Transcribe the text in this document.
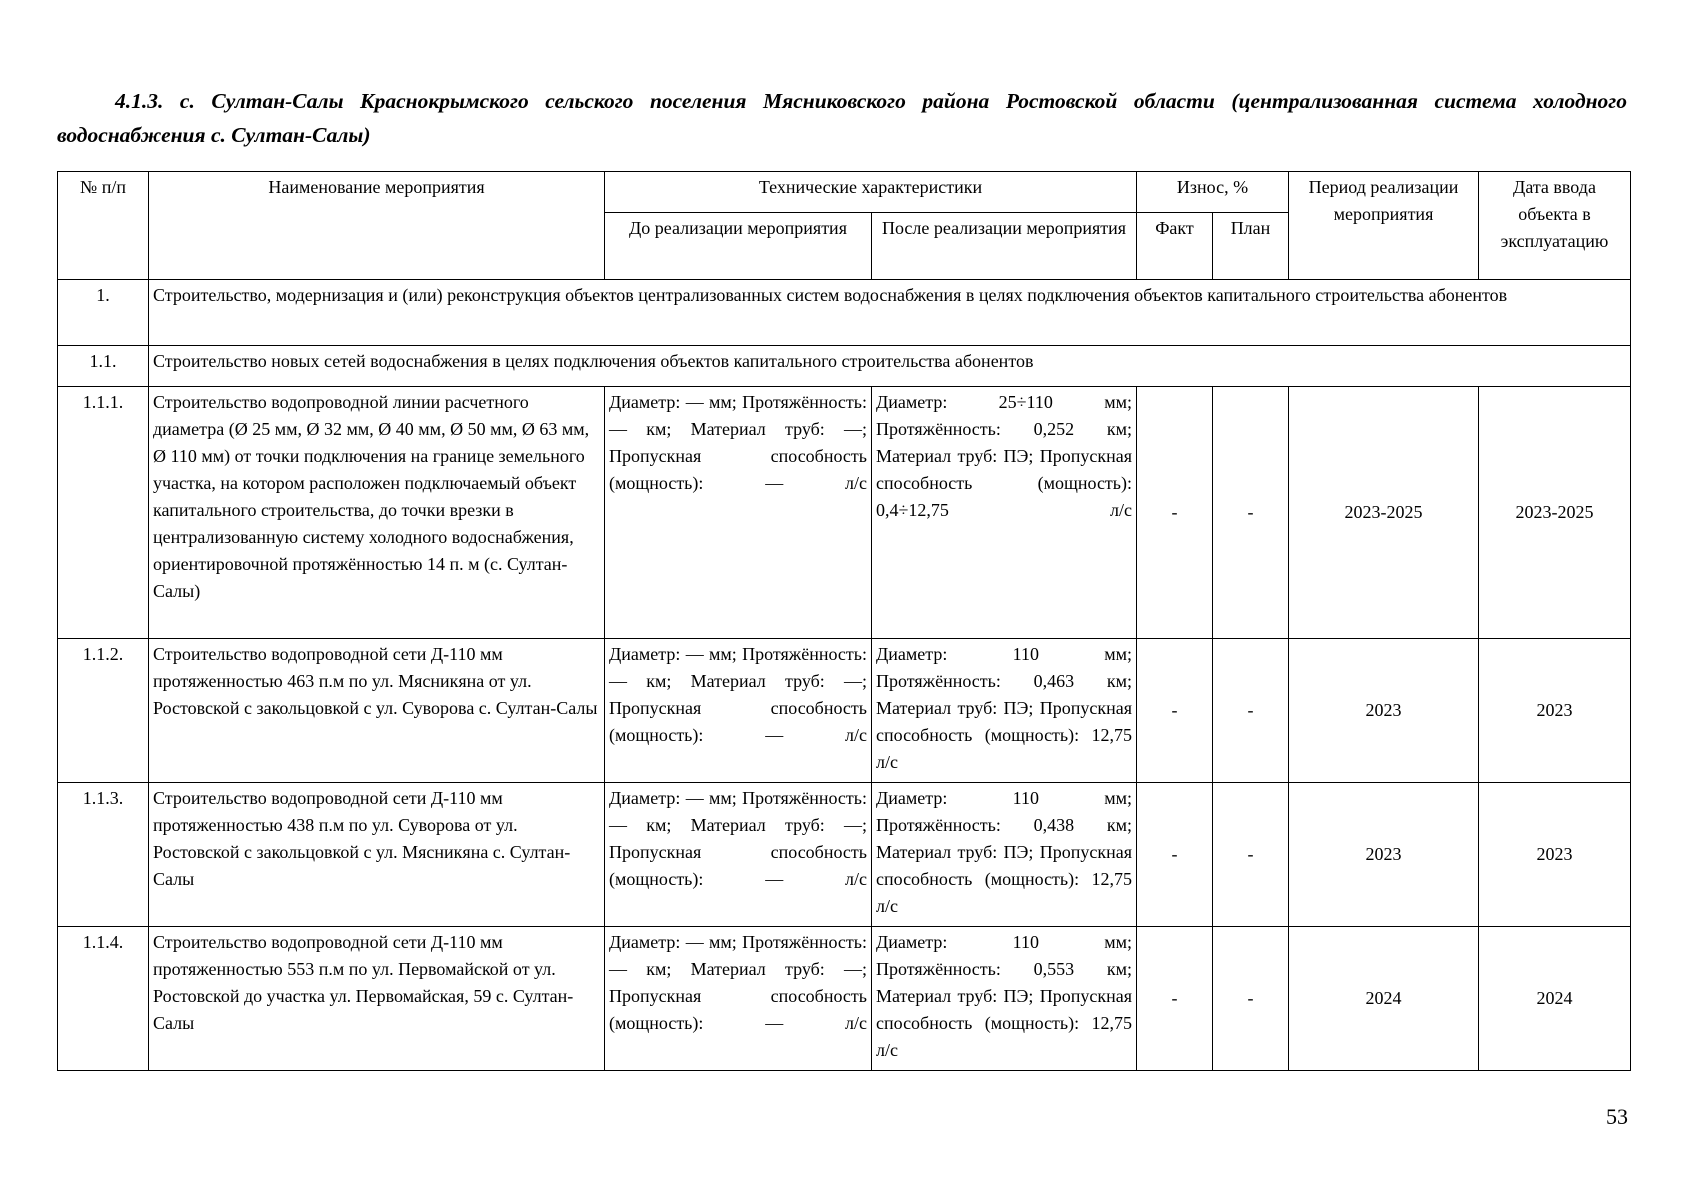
4.1.3. с. Султан-Салы Краснокрымского сельского поселения Мясниковского района Ростовской области (централизованная система холодного водоснабжения с. Султан-Салы)
№ п/п	Наименование мероприятия	Технические характеристики		Износ, %		Период реализации мероприятия	Дата ввода объекта в эксплуатацию
		До реализации мероприятия	После реализации мероприятия	Факт	План		
1.	Строительство, модернизация и (или) реконструкция объектов централизованных систем водоснабжения в целях подключения объектов капитального строительства абонентов						
1.1.	Строительство новых сетей водоснабжения в целях подключения объектов капитального строительства абонентов						
1.1.1.	Строительство водопроводной линии расчетного диаметра (Ø 25 мм, Ø 32 мм, Ø 40 мм, Ø 50 мм, Ø 63 мм, Ø 110 мм) от точки подключения на границе земельного участка, на котором расположен подключаемый объект капитального строительства, до точки врезки в централизованную систему холодного водоснабжения, ориентировочной протяжённостью 14 п. м (с. Султан-Салы)	Диаметр: — мм; Протяжённость: — км; Материал труб: —; Пропускная способность (мощность): — л/с	Диаметр: 25÷110 мм; Протяжённость: 0,252 км; Материал труб: ПЭ; Пропускная способность (мощность): 0,4÷12,75 л/с	-	-	2023-2025	2023-2025
1.1.2.	Строительство водопроводной сети Д-110 мм протяженностью 463 п.м по ул. Мясникяна от ул. Ростовской с закольцовкой с ул. Суворова с. Султан-Салы	Диаметр: — мм; Протяжённость: — км; Материал труб: —; Пропускная способность (мощность): — л/с	Диаметр: 110 мм; Протяжённость: 0,463 км; Материал труб: ПЭ; Пропускная способность (мощность): 12,75 л/с	-	-	2023	2023
1.1.3.	Строительство водопроводной сети Д-110 мм протяженностью 438 п.м по ул. Суворова от ул. Ростовской с закольцовкой с ул. Мясникяна с. Султан-Салы	Диаметр: — мм; Протяжённость: — км; Материал труб: —; Пропускная способность (мощность): — л/с	Диаметр: 110 мм; Протяжённость: 0,438 км; Материал труб: ПЭ; Пропускная способность (мощность): 12,75 л/с	-	-	2023	2023
1.1.4.	Строительство водопроводной сети Д-110 мм протяженностью 553 п.м по ул. Первомайской от ул. Ростовской до участка ул. Первомайская, 59 с. Султан-Салы	Диаметр: — мм; Протяжённость: — км; Материал труб: —; Пропускная способность (мощность): — л/с	Диаметр: 110 мм; Протяжённость: 0,553 км; Материал труб: ПЭ; Пропускная способность (мощность): 12,75 л/с	-	-	2024	2024
53
